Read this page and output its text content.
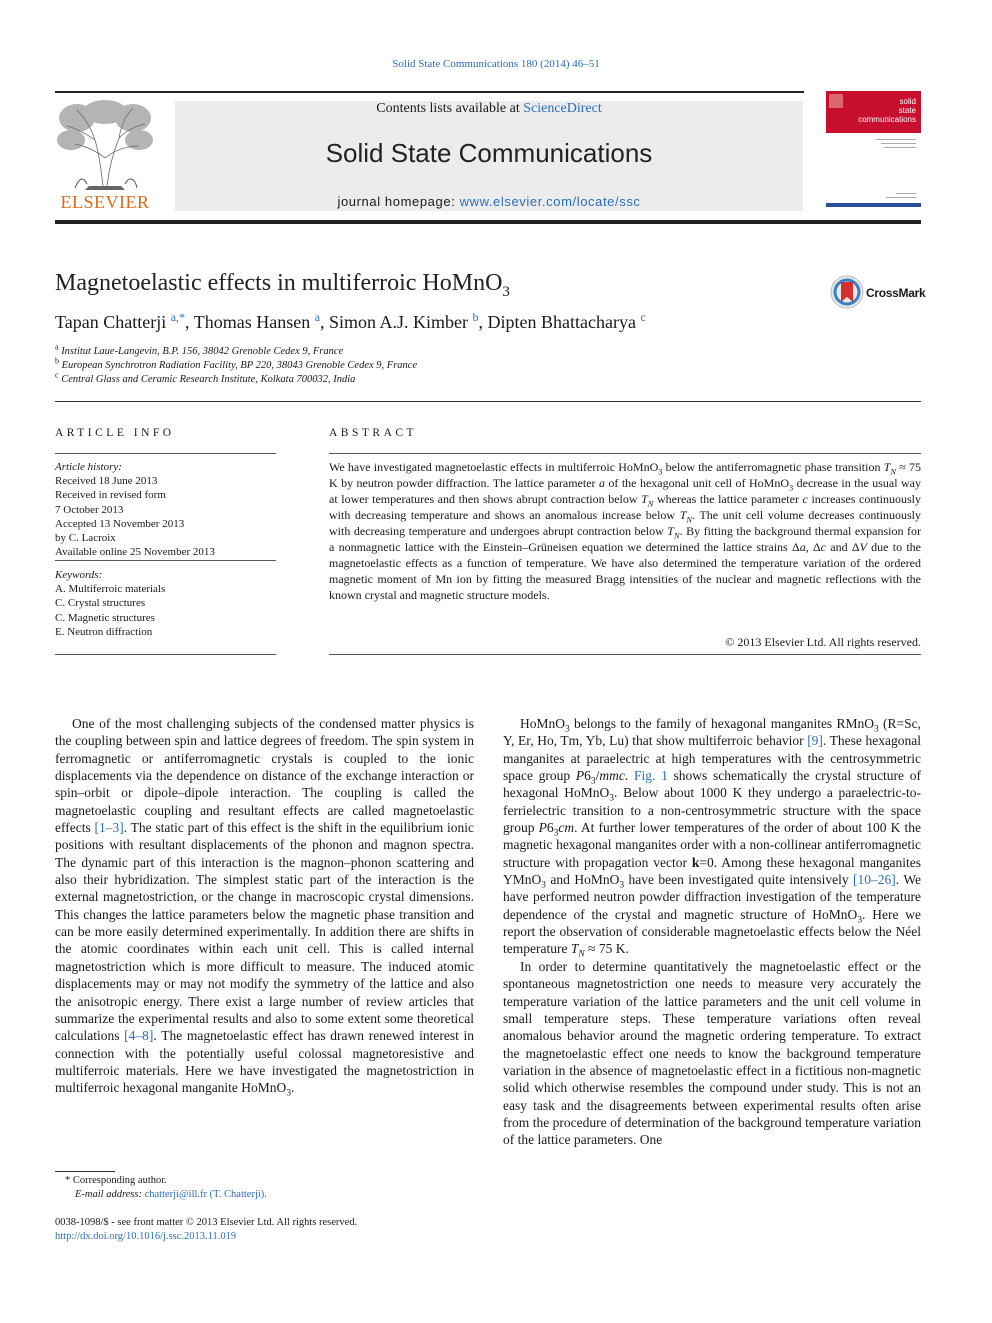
Solid State Communications 180 (2014) 46–51
ELSEVIER
Contents lists available at ScienceDirect
Solid State Communications
journal homepage: www.elsevier.com/locate/ssc
solid
state
communications
Magnetoelastic effects in multiferroic HoMnO$_3$	CrossMark
Tapan Chatterji $^{a,*}$, Thomas Hansen $^a$, Simon A.J. Kimber $^b$, Dipten Bhattacharya $^c$
$^a$ Institut Laue-Langevin, B.P. 156, 38042 Grenoble Cedex 9, France
$^b$ European Synchrotron Radiation Facility, BP 220, 38043 Grenoble Cedex 9, France
$^c$ Central Glass and Ceramic Research Institute, Kolkata 700032, India
ARTICLE INFO	ABSTRACT
Article history:
Received 18 June 2013
Received in revised form
7 October 2013
Accepted 13 November 2013
by C. Lacroix
Available online 25 November 2013
Keywords:
A. Multiferroic materials
C. Crystal structures
C. Magnetic structures
E. Neutron diffraction
We have investigated magnetoelastic effects in multiferroic HoMnO$_3$ below the antiferromagnetic phase transition $T_N \approx 75$ K by neutron powder diffraction. The lattice parameter a of the hexagonal unit cell of HoMnO$_3$ decrease in the usual way at lower temperatures and then shows abrupt contraction below $T_N$ whereas the lattice parameter c increases continuously with decreasing temperature and shows an anomalous increase below $T_N$. The unit cell volume decreases continuously with decreasing temperature and undergoes abrupt contraction below $T_N$. By fitting the background thermal expansion for a nonmagnetic lattice with the Einstein–Grüneisen equation we determined the lattice strains Δa, Δc and ΔV due to the magnetoelastic effects as a function of temperature. We have also determined the temperature variation of the ordered magnetic moment of Mn ion by fitting the measured Bragg intensities of the nuclear and magnetic reflections with the known crystal and magnetic structure models.
© 2013 Elsevier Ltd. All rights reserved.

One of the most challenging subjects of the condensed matter physics is the coupling between spin and lattice degrees of freedom. The spin system in ferromagnetic or antiferromagnetic crystals is coupled to the ionic displacements via the dependence on distance of the exchange interaction or spin–orbit or dipole–dipole interaction. The coupling is called the magnetoelastic coupling and resultant effects are called magnetoelastic effects [1–3]. The static part of this effect is the shift in the equilibrium ionic positions with resultant displacements of the phonon and magnon spectra. The dynamic part of this interaction is the magnon–phonon scattering and also their hybridization. The simplest static part of the interaction is the external magnetostriction, or the change in macroscopic crystal dimensions. This changes the lattice parameters below the magnetic phase transition and can be more easily determined experimentally. In addition there are shifts in the atomic coordinates within each unit cell. This is called internal magnetostriction which is more difficult to measure. The induced atomic displacements may or may not modify the symmetry of the lattice and also the anisotropic energy. There exist a large number of review articles that summarize the experimental results and also to some extent some theoretical calculations [4–8]. The magnetoelastic effect has drawn renewed interest in connection with the potentially useful colossal magnetoresistive and multiferroic materials. Here we have investigated the magnetostriction in multiferroic hexagonal manganite HoMnO$_3$.

HoMnO$_3$ belongs to the family of hexagonal manganites RMnO$_3$ (R=Sc, Y, Er, Ho, Tm, Yb, Lu) that show multiferroic behavior [9]. These hexagonal manganites at paraelectric at high temperatures with the centrosymmetric space group $P6_3$/mmc. Fig. 1 shows schematically the crystal structure of hexagonal HoMnO$_3$. Below about 1000 K they undergo a paraelectric-to-ferrielectric transition to a non-centrosymmetric structure with the space group $P6_3cm$. At further lower temperatures of the order of about 100 K the magnetic hexagonal manganites order with a non-collinear antiferromagnetic structure with propagation vector k=0. Among these hexagonal manganites YMnO$_3$ and HoMnO$_3$ have been investigated quite intensively [10–26]. We have performed neutron powder diffraction investigation of the temperature dependence of the crystal and magnetic structure of HoMnO$_3$. Here we report the observation of considerable magnetoelastic effects below the Néel temperature $T_N \approx 75$ K.

In order to determine quantitatively the magnetoelastic effect or the spontaneous magnetostriction one needs to measure very accurately the temperature variation of the lattice parameters and the unit cell volume in small temperature steps. These temperature variations often reveal anomalous behavior around the magnetic ordering temperature. To extract the magnetoelastic effect one needs to know the background temperature variation in the absence of magnetoelastic effect in a fictitious non-magnetic solid which otherwise resembles the compound under study. This is not an easy task and the disagreements between experimental results often arise from the procedure of determination of the background temperature variation of the lattice parameters. One

* Corresponding author.
E-mail address: chatterji@ill.fr (T. Chatterji).
0038-1098/$ - see front matter © 2013 Elsevier Ltd. All rights reserved.
http://dx.doi.org/10.1016/j.ssc.2013.11.019
